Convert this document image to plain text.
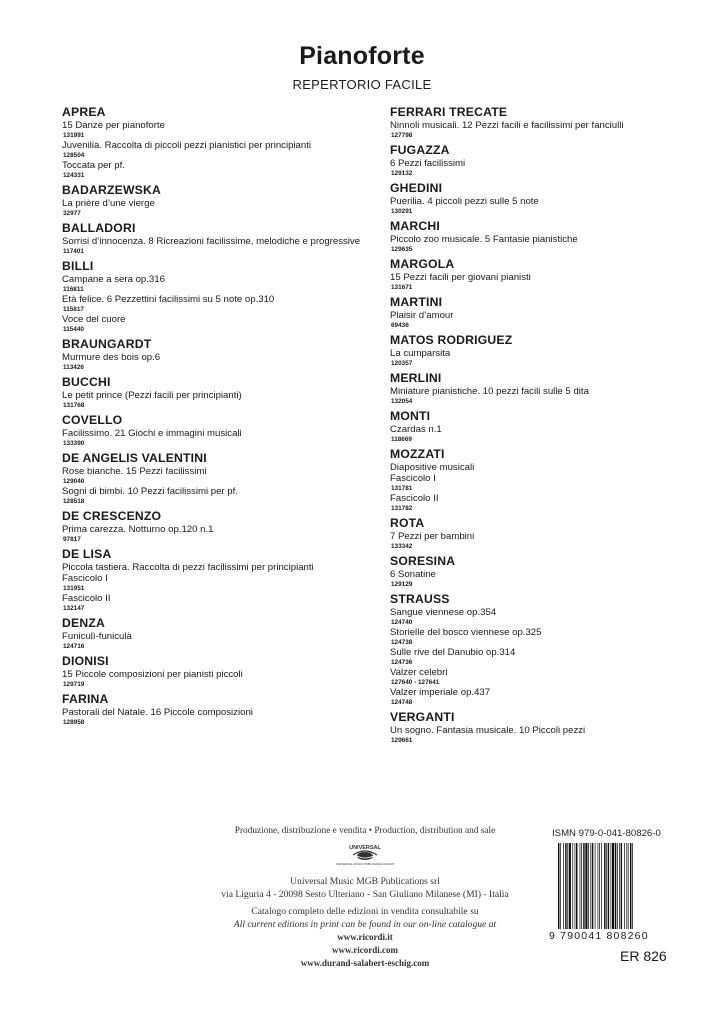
Pianoforte
REPERTORIO FACILE
APREA
15 Danze per pianoforte
131991
Juvenilia. Raccolta di piccoli pezzi pianistici per principianti
128504
Toccata per pf.
124331
BADARZEWSKA
La prière d’une vierge
32977
BALLADORI
Sorrisi d’innocenza. 8 Ricreazioni facilissime, melodiche e progressive
117401
BILLI
Campane a sera op.316
116811
Età felice. 6 Pezzettini facilissimi su 5 note op.310
115817
Voce del cuore
115440
BRAUNGARDT
Murmure des bois op.6
113426
BUCCHI
Le petit prince (Pezzi facili per principianti)
131768
COVELLO
Facilissimo. 21 Giochi e immagini musicali
133390
DE ANGELIS VALENTINI
Rose bianche. 15 Pezzi facilissimi
129040
Sogni di bimbi. 10 Pezzi facilissimi per pf.
128518
DE CRESCENZO
Prima carezza. Notturno op.120 n.1
97817
DE LISA
Piccola tastiera. Raccolta di pezzi facilissimi per principianti
Fascicolo I
131951
Fascicolo II
132147
DENZA
Funiculì-funiculà
124716
DIONISI
15 Piccole composizioni per pianisti piccoli
129719
FARINA
Pastorali del Natale. 16 Piccole composizioni
128958
FERRARI TRECATE
Ninnoli musicali. 12 Pezzi facili e facilissimi per fanciulli
127798
FUGAZZA
6 Pezzi facilissimi
129132
GHEDINI
Puerilia. 4 piccoli pezzi sulle 5 note
130291
MARCHI
Piccolo zoo musicale. 5 Fantasie pianistiche
129635
MARGOLA
15 Pezzi facili per giovani pianisti
131671
MARTINI
Plaisir d’amour
69436
MATOS RODRIGUEZ
La cumparsita
120357
MERLINI
Miniature pianistiche. 10 pezzi facili sulle 5 dita
132054
MONTI
Czardas n.1
118669
MOZZATI
Diapositive musicali
Fascicolo I
131781
Fascicolo II
131782
ROTA
7 Pezzi per bambini
133342
SORESINA
6 Sonatine
129129
STRAUSS
Sangue viennese op.354
124740
Storielle del bosco viennese op.325
124738
Sulle rive del Danubio op.314
124736
Valzer celebri
127640 - 127641
Valzer imperiale op.437
124748
VERGANTI
Un sogno. Fantasia musicale. 10 Piccoli pezzi
129661
Produzione, distribuzione e vendita • Production, distribution and sale
UNIVERSAL
UNIVERSAL MUSIC PUBLISHING GROUP
Universal Music MGB Publications srl
via Liguria 4 - 20098 Sesto Ulteriano - San Giuliano Milanese (MI) - Italia
Catalogo completo delle edizioni in vendita consultabile su
All current editions in print can be found in our on-line catalogue at
www.ricordi.it
www.ricordi.com
www.durand-salabert-eschig.com
ISMN 979-0-041-80826-0
9 790041 808260
ER 826
